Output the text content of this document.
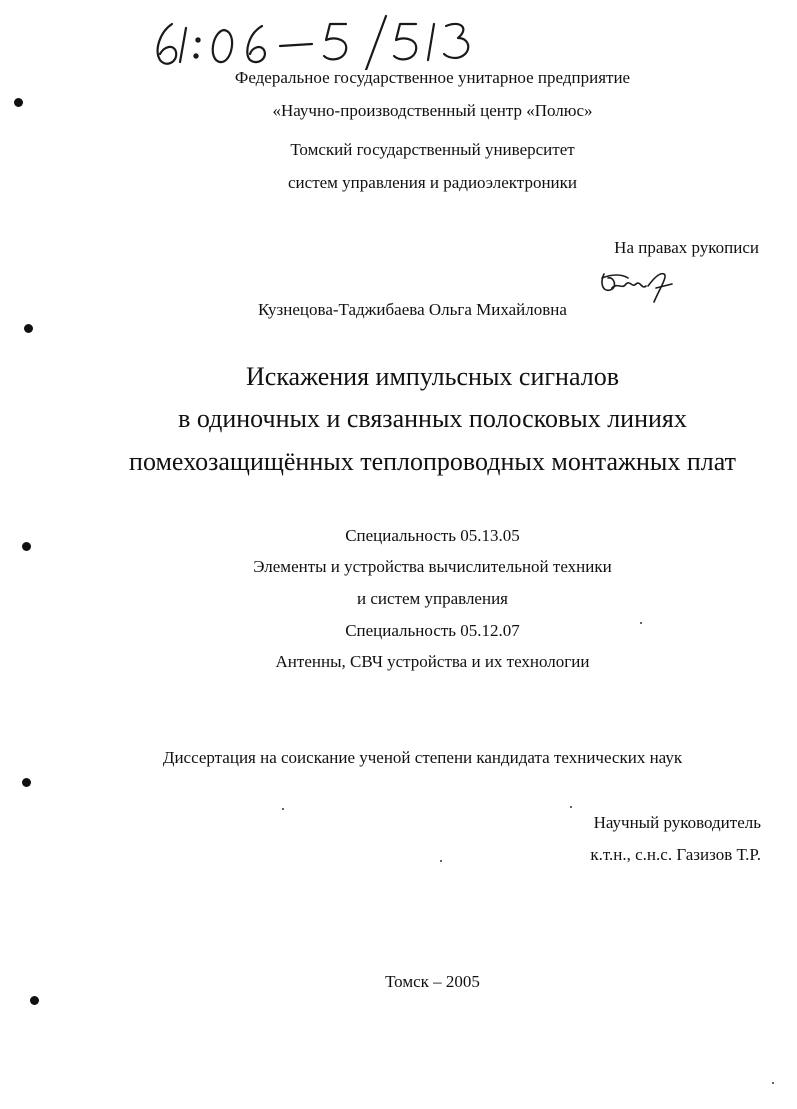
Федеральное государственное унитарное предприятие
«Научно-производственный центр «Полюс»
Томский государственный университет
систем управления и радиоэлектроники
На правах рукописи
Кузнецова-Таджибаева Ольга Михайловна
Искажения импульсных сигналов
в одиночных и связанных полосковых линиях
помехозащищённых теплопроводных монтажных плат
Специальность 05.13.05
Элементы и устройства вычислительной техники
и систем управления
Специальность 05.12.07
Антенны, СВЧ устройства и их технологии
Диссертация на соискание ученой степени кандидата технических наук
Научный руководитель
к.т.н., с.н.с. Газизов Т.Р.
Томск – 2005
